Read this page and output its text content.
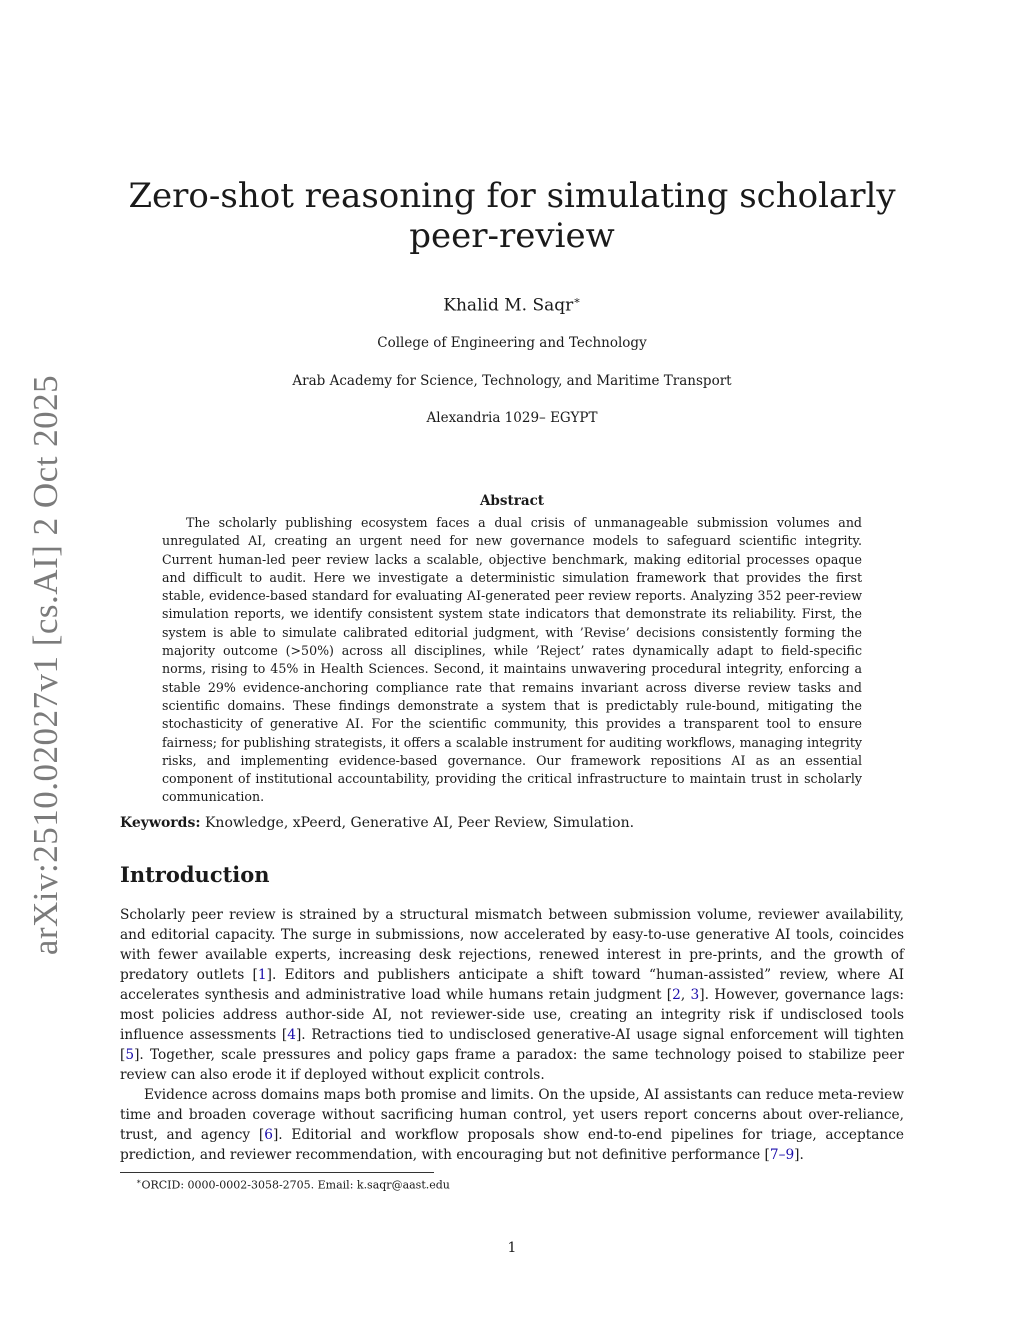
arXiv:2510.02027v1 [cs.AI] 2 Oct 2025
Zero-shot reasoning for simulating scholarly
peer-review
Khalid M. Saqr∗
College of Engineering and Technology
Arab Academy for Science, Technology, and Maritime Transport
Alexandria 1029– EGYPT
Abstract

The scholarly publishing ecosystem faces a dual crisis of unmanageable submission volumes and unregulated AI, creating an urgent need for new governance models to safeguard scientific integrity. Current human-led peer review lacks a scalable, objective benchmark, making editorial processes opaque and difficult to audit. Here we investigate a deterministic simulation framework that provides the first stable, evidence-based standard for evaluating AI-generated peer review reports. Analyzing 352 peer-review simulation reports, we identify consistent system state indicators that demonstrate its reliability. First, the system is able to simulate calibrated editorial judgment, with ’Revise’ decisions consistently forming the majority outcome (>50%) across all disciplines, while ’Reject’ rates dynamically adapt to field-specific norms, rising to 45% in Health Sciences. Second, it maintains unwavering procedural integrity, enforcing a stable 29% evidence-anchoring compliance rate that remains invariant across diverse review tasks and scientific domains. These findings demonstrate a system that is predictably rule-bound, mitigating the stochasticity of generative AI. For the scientific community, this provides a transparent tool to ensure fairness; for publishing strategists, it offers a scalable instrument for auditing workflows, managing integrity risks, and implementing evidence-based governance. Our framework repositions AI as an essential component of institutional accountability, providing the critical infrastructure to maintain trust in scholarly communication.

Keywords: Knowledge, xPeerd, Generative AI, Peer Review, Simulation.
Introduction

Scholarly peer review is strained by a structural mismatch between submission volume, reviewer availability, and editorial capacity. The surge in submissions, now accelerated by easy-to-use generative AI tools, coincides with fewer available experts, increasing desk rejections, renewed interest in pre-prints, and the growth of predatory outlets [1]. Editors and publishers anticipate a shift toward “human-assisted” review, where AI accelerates synthesis and administrative load while humans retain judgment [2, 3]. However, governance lags: most policies address author-side AI, not reviewer-side use, creating an integrity risk if undisclosed tools influence assessments [4]. Retractions tied to undisclosed generative-AI usage signal enforcement will tighten [5]. Together, scale pressures and policy gaps frame a paradox: the same technology poised to stabilize peer review can also erode it if deployed without explicit controls.

Evidence across domains maps both promise and limits. On the upside, AI assistants can reduce meta-review time and broaden coverage without sacrificing human control, yet users report concerns about over-reliance, trust, and agency [6]. Editorial and workflow proposals show end-to-end pipelines for triage, acceptance prediction, and reviewer recommendation, with encouraging but not definitive performance [7–9].

∗ORCID: 0000-0002-3058-2705. Email: k.saqr@aast.edu
1
